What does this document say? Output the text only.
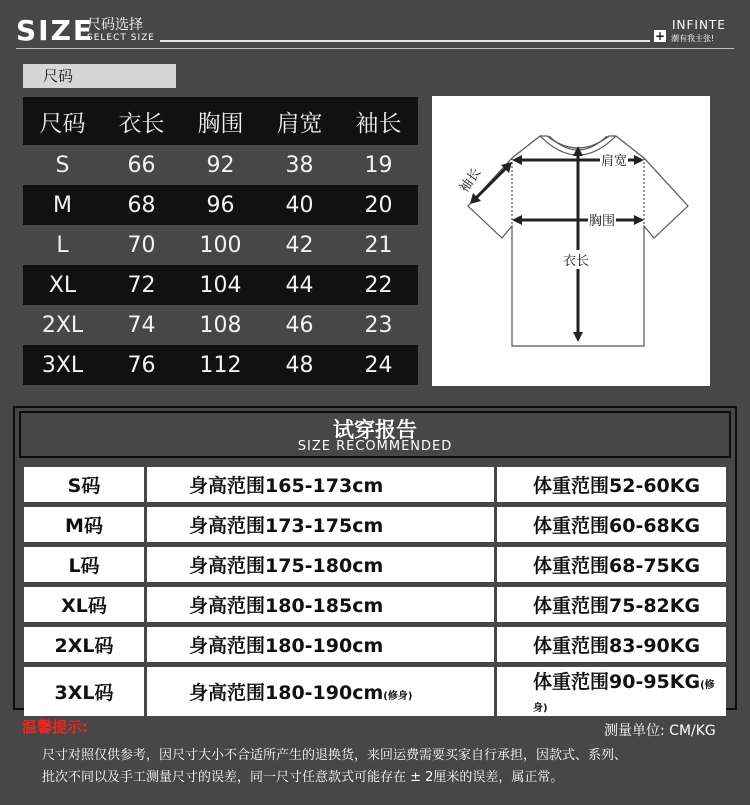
SIZE
尺码选择
SELECT SIZE
INFINTE
+ 潮有我主张!
尺码
尺码	衣长	胸围	肩宽	袖长
S	66	92	38	19
M	68	96	40	20
L	70	100	42	21
XL	72	104	44	22
2XL	74	108	46	23
3XL	76	112	48	24
肩宽
胸围
衣长
袖长
试穿报告
SIZE RECOMMENDED
S码	身高范围165-173cm	体重范围52-60KG
M码	身高范围173-175cm	体重范围60-68KG
L码	身高范围175-180cm	体重范围68-75KG
XL码	身高范围180-185cm	体重范围75-82KG
2XL码	身高范围180-190cm	体重范围83-90KG
3XL码	身高范围180-190cm(修身)	体重范围90-95KG(修身)
温馨提示:	测量单位: CM/KG
尺寸对照仅供参考，因尺寸大小不合适所产生的退换货，来回运费需要买家自行承担，因款式、系列、
批次不同以及手工测量尺寸的误差，同一尺寸任意款式可能存在 ± 2厘米的误差，属正常。
